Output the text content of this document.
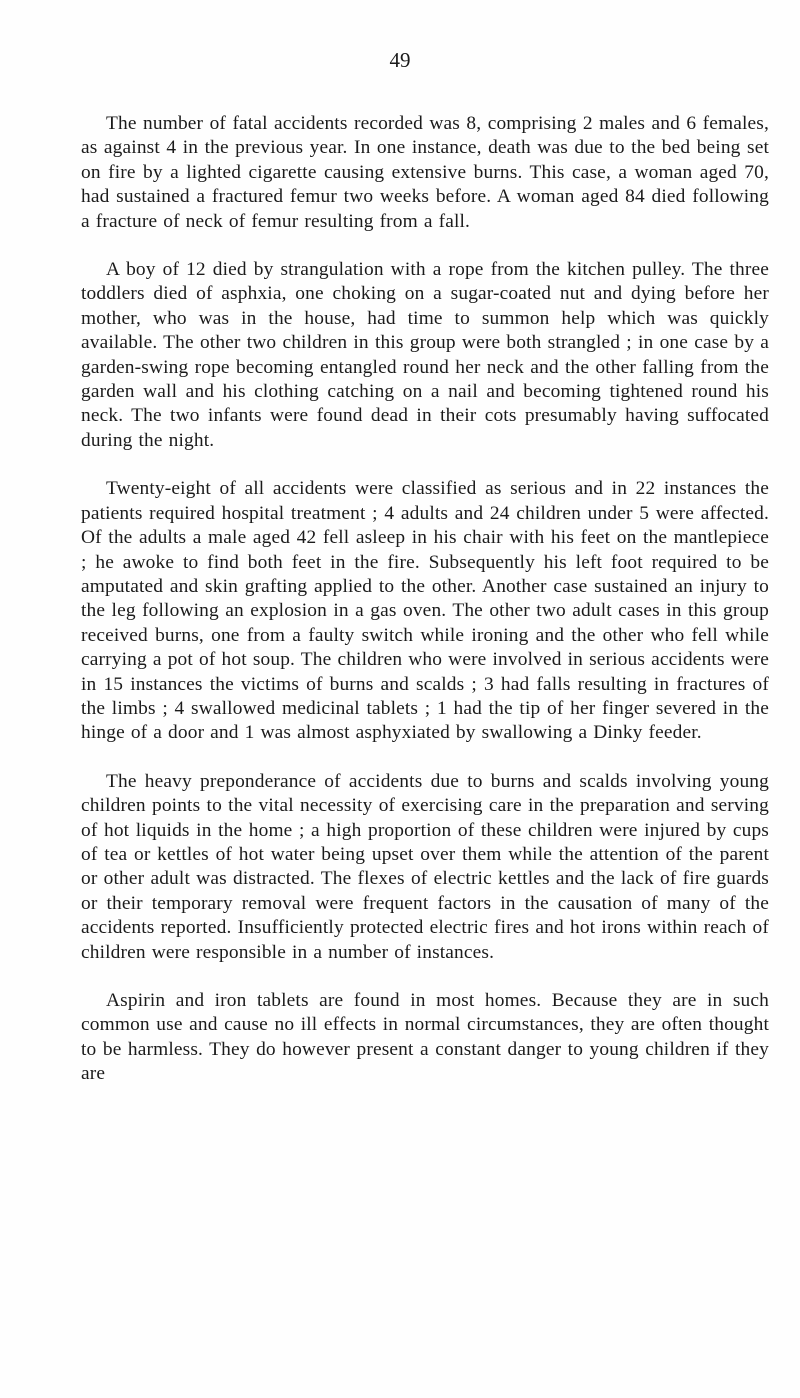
49

The number of fatal accidents recorded was 8, comprising 2 males and 6 females, as against 4 in the previous year. In one instance, death was due to the bed being set on fire by a lighted cigarette causing extensive burns. This case, a woman aged 70, had sustained a fractured femur two weeks before. A woman aged 84 died following a fracture of neck of femur resulting from a fall.

A boy of 12 died by strangulation with a rope from the kitchen pulley. The three toddlers died of asphxia, one choking on a sugar-coated nut and dying before her mother, who was in the house, had time to summon help which was quickly available. The other two children in this group were both strangled ; in one case by a garden-swing rope becoming entangled round her neck and the other falling from the garden wall and his clothing catching on a nail and becoming tightened round his neck. The two infants were found dead in their cots presumably having suffocated during the night.

Twenty-eight of all accidents were classified as serious and in 22 instances the patients required hospital treatment ; 4 adults and 24 children under 5 were affected. Of the adults a male aged 42 fell asleep in his chair with his feet on the mantlepiece ; he awoke to find both feet in the fire. Subsequently his left foot required to be amputated and skin grafting applied to the other. Another case sustained an injury to the leg following an explosion in a gas oven. The other two adult cases in this group received burns, one from a faulty switch while ironing and the other who fell while carrying a pot of hot soup. The children who were involved in serious accidents were in 15 instances the victims of burns and scalds ; 3 had falls resulting in fractures of the limbs ; 4 swallowed medicinal tablets ; 1 had the tip of her finger severed in the hinge of a door and 1 was almost asphyxiated by swallowing a Dinky feeder.

The heavy preponderance of accidents due to burns and scalds involving young children points to the vital necessity of exercising care in the preparation and serving of hot liquids in the home ; a high proportion of these children were injured by cups of tea or kettles of hot water being upset over them while the attention of the parent or other adult was distracted. The flexes of electric kettles and the lack of fire guards or their temporary removal were frequent factors in the causation of many of the accidents reported. Insufficiently protected electric fires and hot irons within reach of children were responsible in a number of instances.

Aspirin and iron tablets are found in most homes. Because they are in such common use and cause no ill effects in normal circumstances, they are often thought to be harmless. They do however present a constant danger to young children if they are
